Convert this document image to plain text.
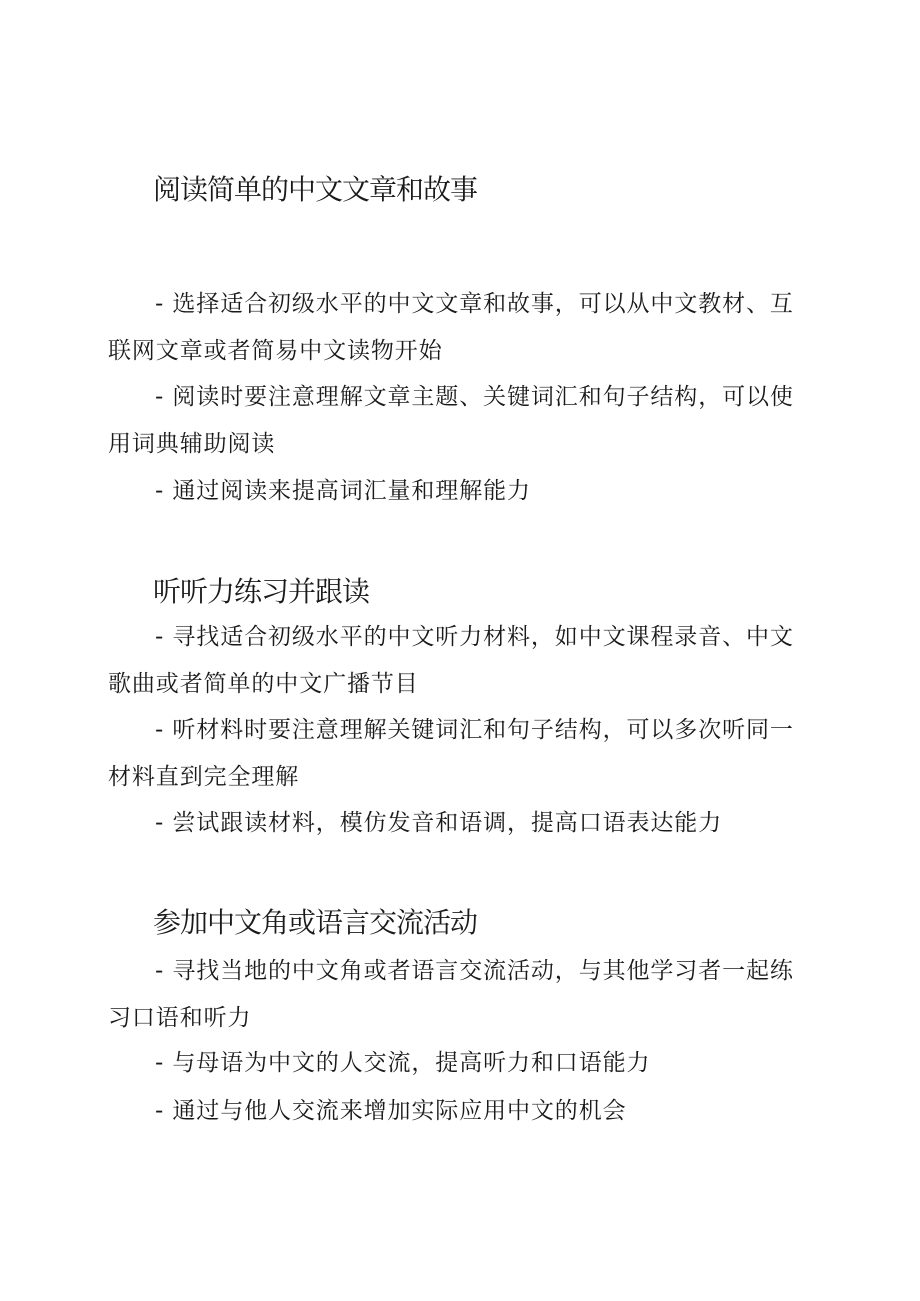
阅读简单的中文文章和故事

- 选择适合初级水平的中文文章和故事，可以从中文教材、互联网文章或者简易中文读物开始

- 阅读时要注意理解文章主题、关键词汇和句子结构，可以使用词典辅助阅读

- 通过阅读来提高词汇量和理解能力

听听力练习并跟读

- 寻找适合初级水平的中文听力材料，如中文课程录音、中文歌曲或者简单的中文广播节目

- 听材料时要注意理解关键词汇和句子结构，可以多次听同一材料直到完全理解

- 尝试跟读材料，模仿发音和语调，提高口语表达能力

参加中文角或语言交流活动

- 寻找当地的中文角或者语言交流活动，与其他学习者一起练习口语和听力

- 与母语为中文的人交流，提高听力和口语能力

- 通过与他人交流来增加实际应用中文的机会
